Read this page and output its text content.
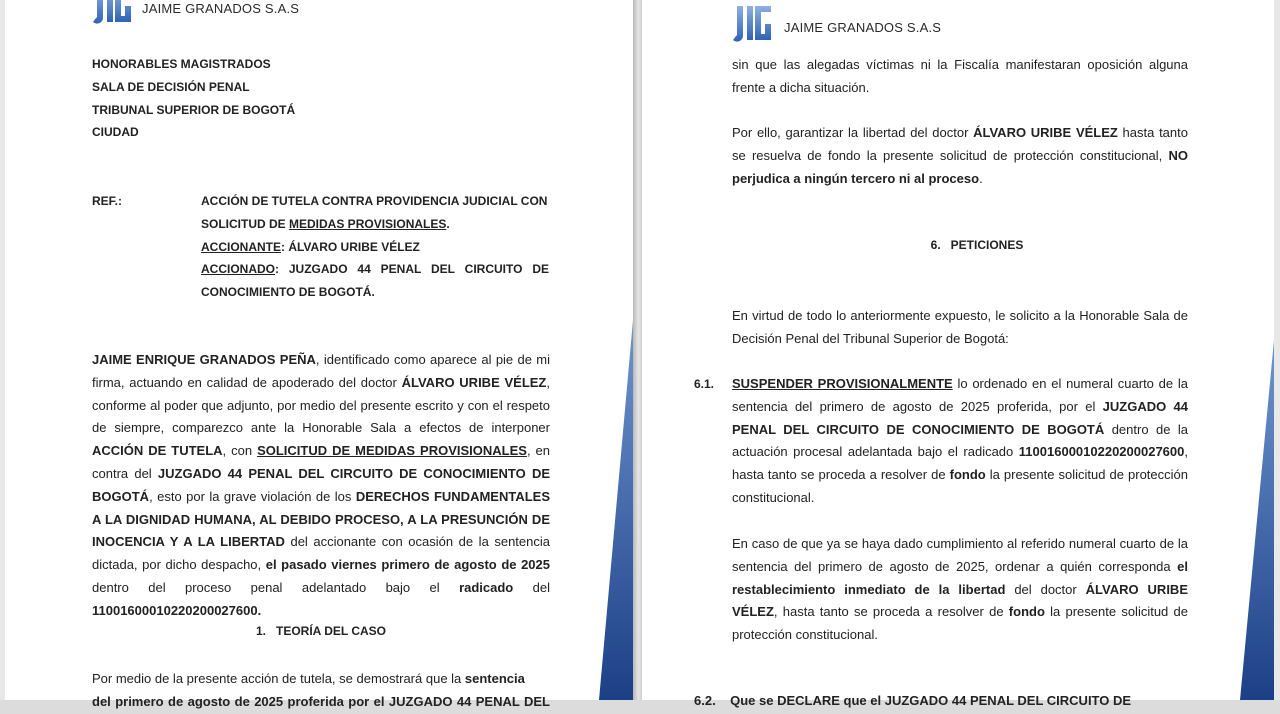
JAIME GRANADOS S.A.S

HONORABLES MAGISTRADOS

SALA DE DECISIÓN PENAL

TRIBUNAL SUPERIOR DE BOGOTÁ

CIUDAD

REF.:	ACCIÓN DE TUTELA CONTRA PROVIDENCIA JUDICIAL CON

SOLICITUD DE MEDIDAS PROVISIONALES.

ACCIONANTE: ÁLVARO URIBE VÉLEZ

ACCIONADO: JUZGADO 44 PENAL DEL CIRCUITO DE

CONOCIMIENTO DE BOGOTÁ.

JAIME ENRIQUE GRANADOS PEÑA, identificado como aparece al pie de mi firma, actuando en calidad de apoderado del doctor ÁLVARO URIBE VÉLEZ, conforme al poder que adjunto, por medio del presente escrito y con el respeto de siempre, comparezco ante la Honorable Sala a efectos de interponer ACCIÓN DE TUTELA, con SOLICITUD DE MEDIDAS PROVISIONALES, en contra del JUZGADO 44 PENAL DEL CIRCUITO DE CONOCIMIENTO DE BOGOTÁ, esto por la grave violación de los DERECHOS FUNDAMENTALES A LA DIGNIDAD HUMANA, AL DEBIDO PROCESO, A LA PRESUNCIÓN DE INOCENCIA Y A LA LIBERTAD del accionante con ocasión de la sentencia dictada, por dicho despacho, el pasado viernes primero de agosto de 2025 dentro del proceso penal adelantado bajo el radicado del 11001600010220200027600.

1.   TEORÍA DEL CASO

Por medio de la presente acción de tutela, se demostrará que la sentencia

del primero de agosto de 2025 proferida por el JUZGADO 44 PENAL DEL

JAIME GRANADOS S.A.S
sin que las alegadas víctimas ni la Fiscalía manifestaran oposición alguna frente a dicha situación.

Por ello, garantizar la libertad del doctor ÁLVARO URIBE VÉLEZ hasta tanto se resuelva de fondo la presente solicitud de protección constitucional, NO perjudica a ningún tercero ni al proceso.

6.   PETICIONES
En virtud de todo lo anteriormente expuesto, le solicito a la Honorable Sala de Decisión Penal del Tribunal Superior de Bogotá:
6.1. SUSPENDER PROVISIONALMENTE lo ordenado en el numeral cuarto de la sentencia del primero de agosto de 2025 proferida, por el JUZGADO 44 PENAL DEL CIRCUITO DE CONOCIMIENTO DE BOGOTÁ dentro de la actuación procesal adelantada bajo el radicado 11001600010220200027600, hasta tanto se proceda a resolver de fondo la presente solicitud de protección constitucional.

En caso de que ya se haya dado cumplimiento al referido numeral cuarto de la sentencia del primero de agosto de 2025, ordenar a quién corresponda el restablecimiento inmediato de la libertad del doctor ÁLVARO URIBE VÉLEZ, hasta tanto se proceda a resolver de fondo la presente solicitud de protección constitucional.

6.2.    Que se DECLARE que el JUZGADO 44 PENAL DEL CIRCUITO DE
